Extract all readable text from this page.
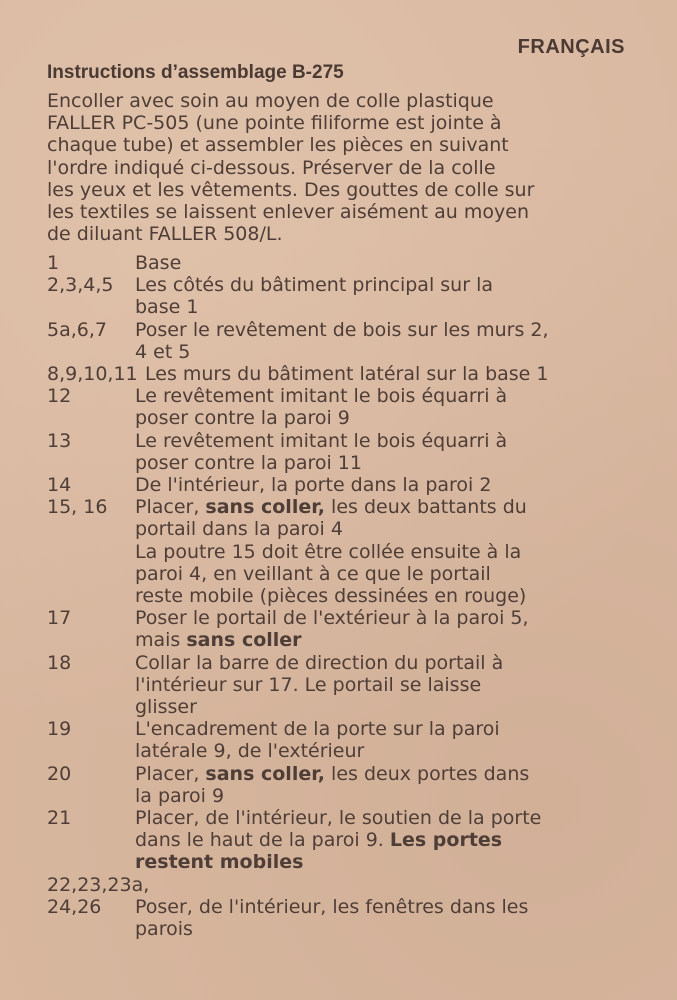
FRANÇAIS
Instructions d’assemblage B-275
Encoller avec soin au moyen de colle plastique
FALLER PC-505 (une pointe filiforme est jointe à
chaque tube) et assembler les pièces en suivant
l'ordre indiqué ci-dessous. Préserver de la colle
les yeux et les vêtements. Des gouttes de colle sur
les textiles se laissent enlever aisément au moyen
de diluant FALLER 508/L.
1	Base
2,3,4,5	Les côtés du bâtiment principal sur la
base 1
5a,6,7	Poser le revêtement de bois sur les murs 2,
4 et 5
8,9,10,11 Les murs du bâtiment latéral sur la base 1
12	Le revêtement imitant le bois équarri à
poser contre la paroi 9
13	Le revêtement imitant le bois équarri à
poser contre la paroi 11
14	De l'intérieur, la porte dans la paroi 2
15, 16	Placer, sans coller, les deux battants du
portail dans la paroi 4
La poutre 15 doit être collée ensuite à la
paroi 4, en veillant à ce que le portail
reste mobile (pièces dessinées en rouge)
17	Poser le portail de l'extérieur à la paroi 5,
mais sans coller
18	Collar la barre de direction du portail à
l'intérieur sur 17. Le portail se laisse
glisser
19	L'encadrement de la porte sur la paroi
latérale 9, de l'extérieur
20	Placer, sans coller, les deux portes dans
la paroi 9
21	Placer, de l'intérieur, le soutien de la porte
dans le haut de la paroi 9. Les portes
restent mobiles
22,23,23a,
24,26	Poser, de l'intérieur, les fenêtres dans les
parois
